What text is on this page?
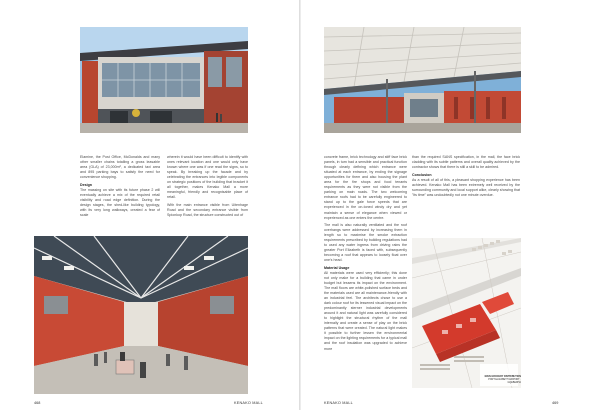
Elamine, the Post Office, McDonalds and many other smaller chains totalling a gross leasable area (GLA) of 23,000m², a dedicated taxi area and 895 parking bays to satisfy the need for convenience shopping.

Design

The massing on site with its future phase 2 will eventually achieve a mix of the required retail visibility and road edge definition. During the design stages, the shed-like building typology, with its very long walkways, created a fear of scale

wherein it would have been difficult to identify with ones relevant location and one would only have known where one was if one read the signs, so to speak. By breaking up the facade and by celebrating the entrances into legible components on strategic positions of the building that bracket it all together, makes Kenako Mall a more meaningful, friendly and recognisable place of retail.

With the main entrance visible from Uitenhage Road and the secondary entrance visible from Spionkop Road, the structure constructed out of

468	KENAKO MALL

concrete frame, brick technology and stiff face brick panels, in turn had a sensible and practical function through clearly defining which entrance were situated at each entrance, by ending the signage opportunities for them and also housing the plant area for the fire shops and food tenants requirements as they were not visible from the parking on main roads. The two welcoming entrance roofs had to be carefully engineered to stand up to the gale force speeds that are experienced in the on-toned windy dry and yet maintain a sense of elegance when viewed or experienced as one enters the centre.

The mall is also naturally ventilated and the roof overhangs were addressed by increasing them in length so to maximise the smoke extraction requirements prescribed by building regulations had to used any water ingress from driving rains the greater Port Elizabeth is faced with, subsequently becoming a roof that appears to loosely float over one's head.

Material Usage

All materials were used very efficiently; this done not only make for a building that came in under budget but lessens its impact on the environment. The mall floors are white-polished surface beds and the materials used are all maintenance-friendly with an industrial feel. The architects chose to use a dark colour roof for its lessened visual impact on the predominantly sterner industrial developments around it and natural light was carefully considered to highlight the structural rhythm of the mall internally and create a sense of play on the brick patterns that were created. The natural light makes it possible to further lessen the environmental impact on the lighting requirements for a typical mall and the roof insulation was upgraded to achieve more

than the required SANS specification, in the mall, the face brick cladding with its subtle patterns and overall quality achieved by the contractor shows that there is still a skill to be admired.

Conclusion

As a result of all of this, a pleasant shopping experience has been achieved. Kenako Mall has been extremely well received by the surrounding community and local support alike, clearly showing that "its time" was undoubtedly not one minute overdue.

MAIN GROCERY DISTRIBUTION
PORT ELIZABETH AIRPORT · GQEBERHA
KENAKO MALL	469
